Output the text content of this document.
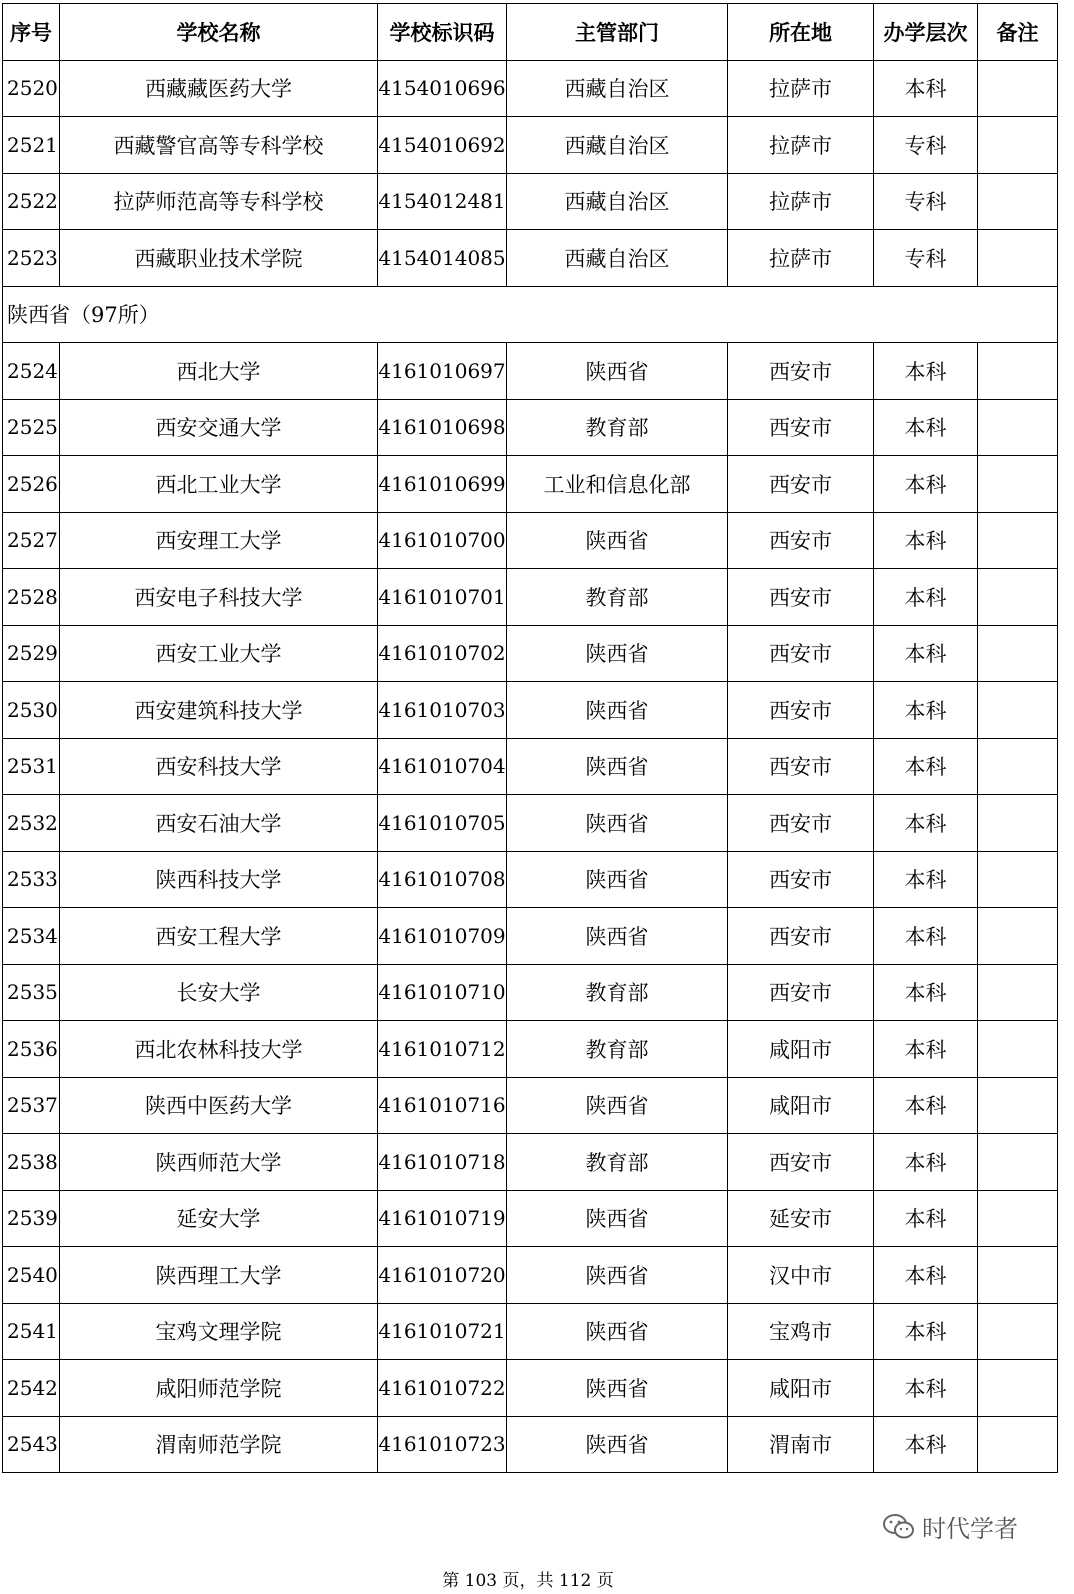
序号	学校名称	学校标识码	主管部门	所在地	办学层次	备注
2520	西藏藏医药大学	4154010696	西藏自治区	拉萨市	本科	
2521	西藏警官高等专科学校	4154010692	西藏自治区	拉萨市	专科	
2522	拉萨师范高等专科学校	4154012481	西藏自治区	拉萨市	专科	
2523	西藏职业技术学院	4154014085	西藏自治区	拉萨市	专科	
陕西省（97所）						
2524	西北大学	4161010697	陕西省	西安市	本科	
2525	西安交通大学	4161010698	教育部	西安市	本科	
2526	西北工业大学	4161010699	工业和信息化部	西安市	本科	
2527	西安理工大学	4161010700	陕西省	西安市	本科	
2528	西安电子科技大学	4161010701	教育部	西安市	本科	
2529	西安工业大学	4161010702	陕西省	西安市	本科	
2530	西安建筑科技大学	4161010703	陕西省	西安市	本科	
2531	西安科技大学	4161010704	陕西省	西安市	本科	
2532	西安石油大学	4161010705	陕西省	西安市	本科	
2533	陕西科技大学	4161010708	陕西省	西安市	本科	
2534	西安工程大学	4161010709	陕西省	西安市	本科	
2535	长安大学	4161010710	教育部	西安市	本科	
2536	西北农林科技大学	4161010712	教育部	咸阳市	本科	
2537	陕西中医药大学	4161010716	陕西省	咸阳市	本科	
2538	陕西师范大学	4161010718	教育部	西安市	本科	
2539	延安大学	4161010719	陕西省	延安市	本科	
2540	陕西理工大学	4161010720	陕西省	汉中市	本科	
2541	宝鸡文理学院	4161010721	陕西省	宝鸡市	本科	
2542	咸阳师范学院	4161010722	陕西省	咸阳市	本科	
2543	渭南师范学院	4161010723	陕西省	渭南市	本科	
时代学者
第 103 页，共 112 页
